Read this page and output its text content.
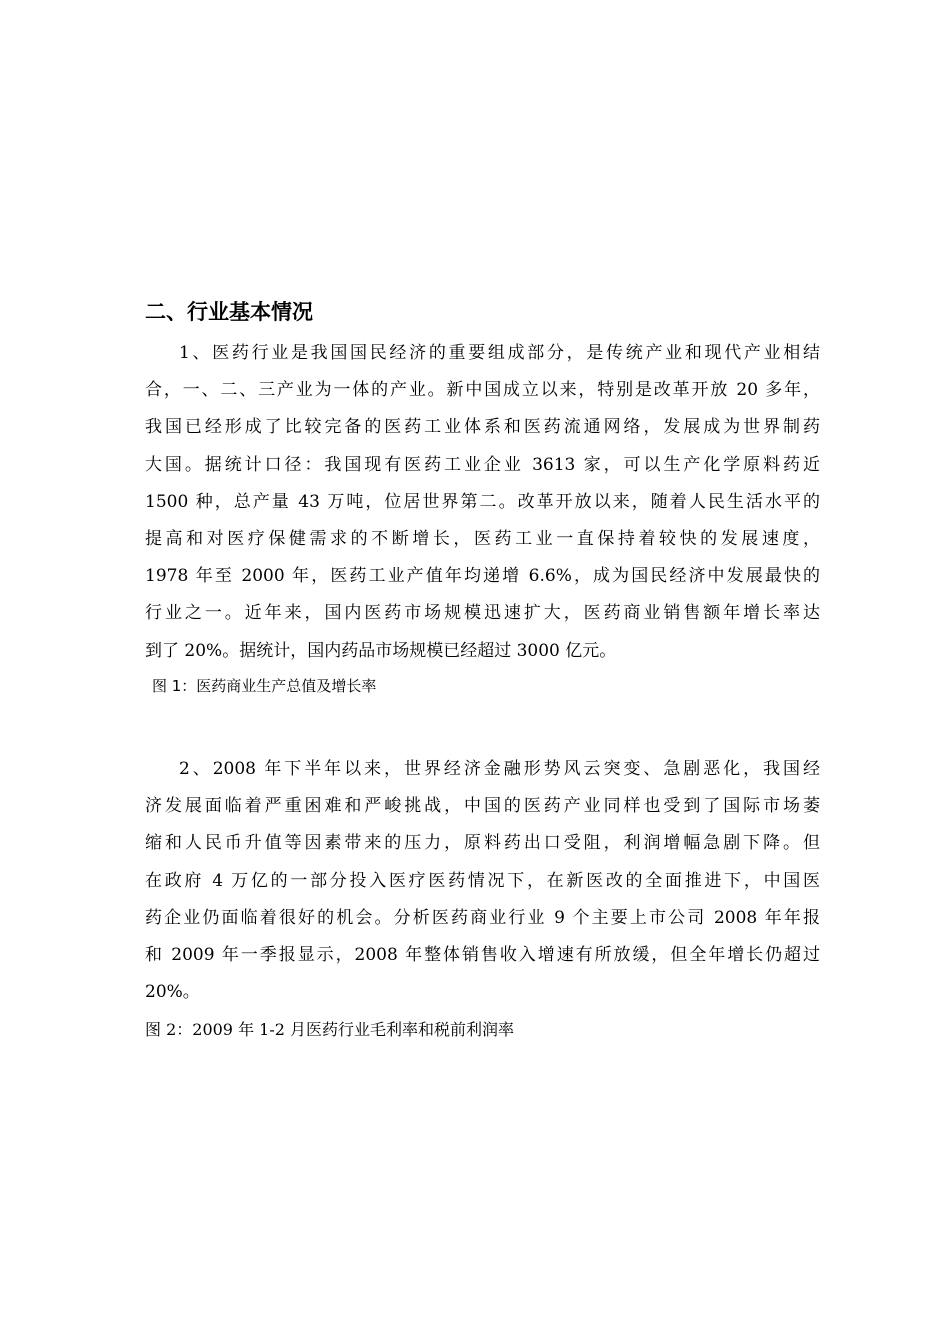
二、行业基本情况
1、医药行业是我国国民经济的重要组成部分，是传统产业和现代产业相结
合，一、二、三产业为一体的产业。新中国成立以来，特别是改革开放 20 多年，
我国已经形成了比较完备的医药工业体系和医药流通网络，发展成为世界制药
大国。据统计口径：我国现有医药工业企业 3613 家，可以生产化学原料药近
1500 种，总产量 43 万吨，位居世界第二。改革开放以来，随着人民生活水平的
提高和对医疗保健需求的不断增长，医药工业一直保持着较快的发展速度，
1978 年至 2000 年，医药工业产值年均递增 6.6%，成为国民经济中发展最快的
行业之一。近年来，国内医药市场规模迅速扩大，医药商业销售额年增长率达
到了 20%。据统计，国内药品市场规模已经超过 3000 亿元。
图 1：医药商业生产总值及增长率
2、2008 年下半年以来，世界经济金融形势风云突变、急剧恶化，我国经
济发展面临着严重困难和严峻挑战，中国的医药产业同样也受到了国际市场萎
缩和人民币升值等因素带来的压力，原料药出口受阻，利润增幅急剧下降。但
在政府 4 万亿的一部分投入医疗医药情况下，在新医改的全面推进下，中国医
药企业仍面临着很好的机会。分析医药商业行业 9 个主要上市公司 2008 年年报
和 2009 年一季报显示，2008 年整体销售收入增速有所放缓，但全年增长仍超过
20%。
图 2：2009 年 1-2 月医药行业毛利率和税前利润率
